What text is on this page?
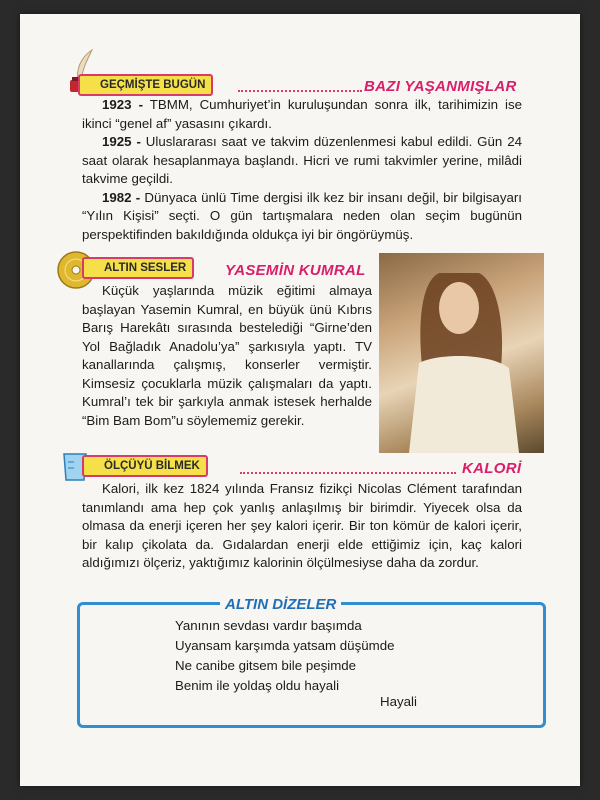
GEÇMİŞTE BUGÜN	BAZI YAŞANMIŞLAR

1923 - TBMM, Cumhuriyet’in kuruluşundan sonra ilk, tarihimizin ise ikinci “genel af” yasasını çıkardı.

1925 - Uluslararası saat ve takvim düzenlenmesi kabul edildi. Gün 24 saat olarak hesaplanmaya başlandı. Hicri ve rumi takvimler yerine, milâdi takvime geçildi.

1982 - Dünyaca ünlü Time dergisi ilk kez bir insanı değil, bir bilgisayarı “Yılın Kişisi” seçti. O gün tartışmalara neden olan seçim bugünün perspektifinden bakıldığında oldukça iyi bir öngörüymüş.

ALTIN SESLER	YASEMİN KUMRAL

Küçük yaşlarında müzik eğitimi almaya başlayan Yasemin Kumral, en büyük ünü Kıbrıs Barış Harekâtı sırasında bestelediği “Girne’den Yol Bağladık Anadolu’ya” şarkısıyla yaptı. TV kanallarında çalışmış, konserler vermiştir. Kimsesiz çocuklarla müzik çalışmaları da yaptı. Kumral’ı tek bir şarkıyla anmak istesek herhalde “Bim Bam Bom”u söylememiz gerekir.

ÖLÇÜYÜ BİLMEK	KALORİ

Kalori, ilk kez 1824 yılında Fransız fizikçi Nicolas Clément tarafından tanımlandı ama hep çok yanlış anlaşılmış bir birimdir. Yiyecek olsa da olmasa da enerji içeren her şey kalori içerir. Bir ton kömür de kalori içerir, bir kalıp çikolata da. Gıdalardan enerji elde ettiğimiz için, kaç kalori aldığımızı ölçeriz, yaktığımız kalorinin ölçülmesiyse daha da zordur.

ALTIN DİZELER
Yanının sevdası vardır başımda
Uyansam karşımda yatsam düşümde
Ne canibe gitsem bile peşimde
Benim ile yoldaş oldu hayali
Hayali
